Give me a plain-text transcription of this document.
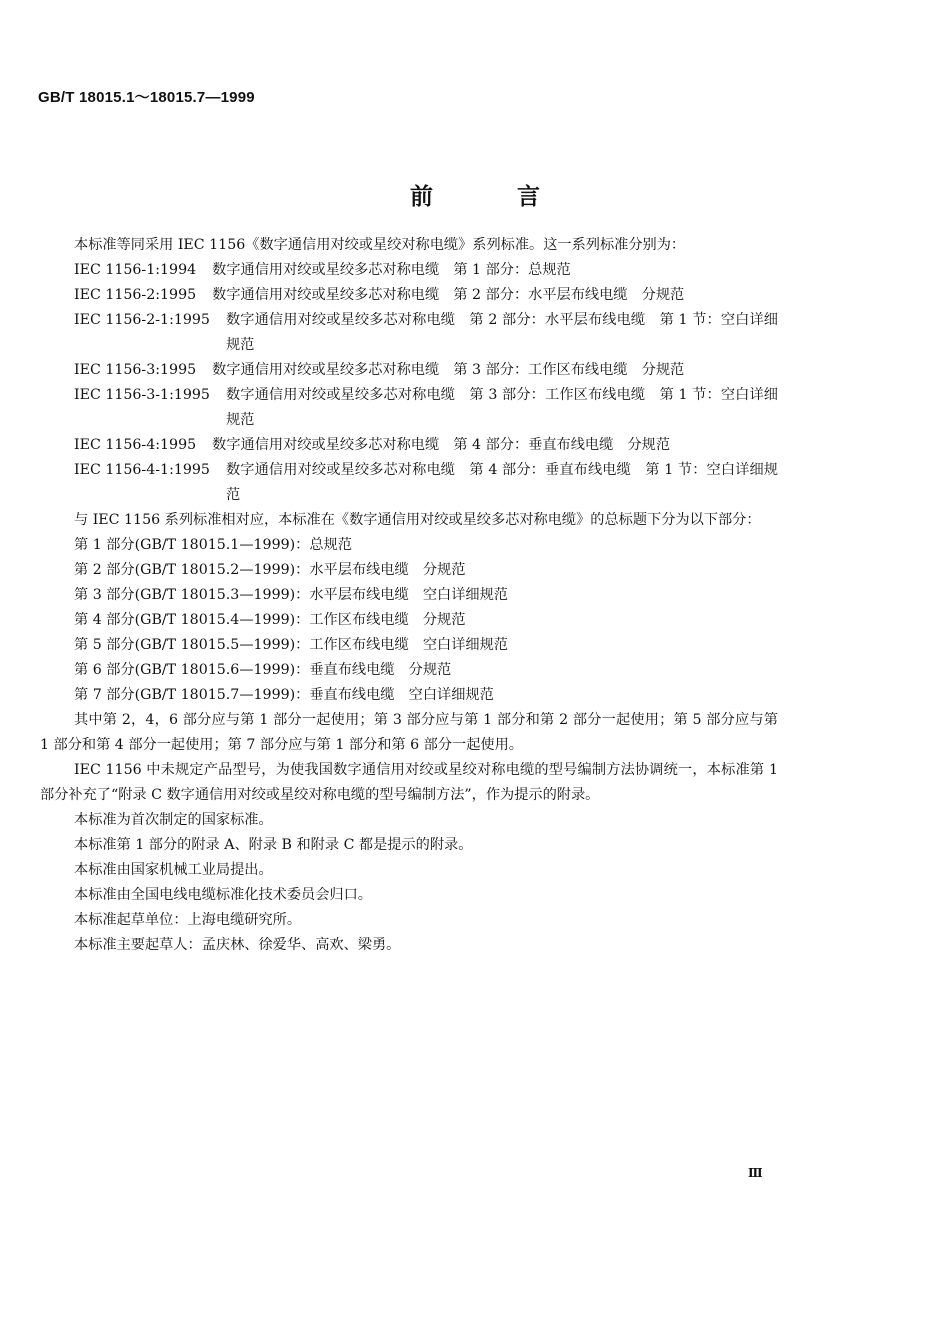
GB/T 18015.1～18015.7—1999
前	言
本标准等同采用 IEC 1156《数字通信用对绞或星绞对称电缆》系列标准。这一系列标准分别为：
IEC 1156-1:1994	数字通信用对绞或星绞多芯对称电缆　第 1 部分：总规范
IEC 1156-2:1995	数字通信用对绞或星绞多芯对称电缆　第 2 部分：水平层布线电缆　分规范
IEC 1156-2-1:1995	数字通信用对绞或星绞多芯对称电缆　第 2 部分：水平层布线电缆　第 1 节：空白详细规范
IEC 1156-3:1995	数字通信用对绞或星绞多芯对称电缆　第 3 部分：工作区布线电缆　分规范
IEC 1156-3-1:1995	数字通信用对绞或星绞多芯对称电缆　第 3 部分：工作区布线电缆　第 1 节：空白详细规范
IEC 1156-4:1995	数字通信用对绞或星绞多芯对称电缆　第 4 部分：垂直布线电缆　分规范
IEC 1156-4-1:1995	数字通信用对绞或星绞多芯对称电缆　第 4 部分：垂直布线电缆　第 1 节：空白详细规范
与 IEC 1156 系列标准相对应，本标准在《数字通信用对绞或星绞多芯对称电缆》的总标题下分为以下部分：
第 1 部分(GB/T 18015.1—1999)：总规范
第 2 部分(GB/T 18015.2—1999)：水平层布线电缆　分规范
第 3 部分(GB/T 18015.3—1999)：水平层布线电缆　空白详细规范
第 4 部分(GB/T 18015.4—1999)：工作区布线电缆　分规范
第 5 部分(GB/T 18015.5—1999)：工作区布线电缆　空白详细规范
第 6 部分(GB/T 18015.6—1999)：垂直布线电缆　分规范
第 7 部分(GB/T 18015.7—1999)：垂直布线电缆　空白详细规范
其中第 2，4，6 部分应与第 1 部分一起使用；第 3 部分应与第 1 部分和第 2 部分一起使用；第 5 部分应与第 1 部分和第 4 部分一起使用；第 7 部分应与第 1 部分和第 6 部分一起使用。
IEC 1156 中未规定产品型号，为使我国数字通信用对绞或星绞对称电缆的型号编制方法协调统一，本标准第 1 部分补充了“附录 C 数字通信用对绞或星绞对称电缆的型号编制方法”，作为提示的附录。
本标准为首次制定的国家标准。
本标准第 1 部分的附录 A、附录 B 和附录 C 都是提示的附录。
本标准由国家机械工业局提出。
本标准由全国电线电缆标准化技术委员会归口。
本标准起草单位：上海电缆研究所。
本标准主要起草人：孟庆林、徐爱华、高欢、梁勇。
Ⅲ
